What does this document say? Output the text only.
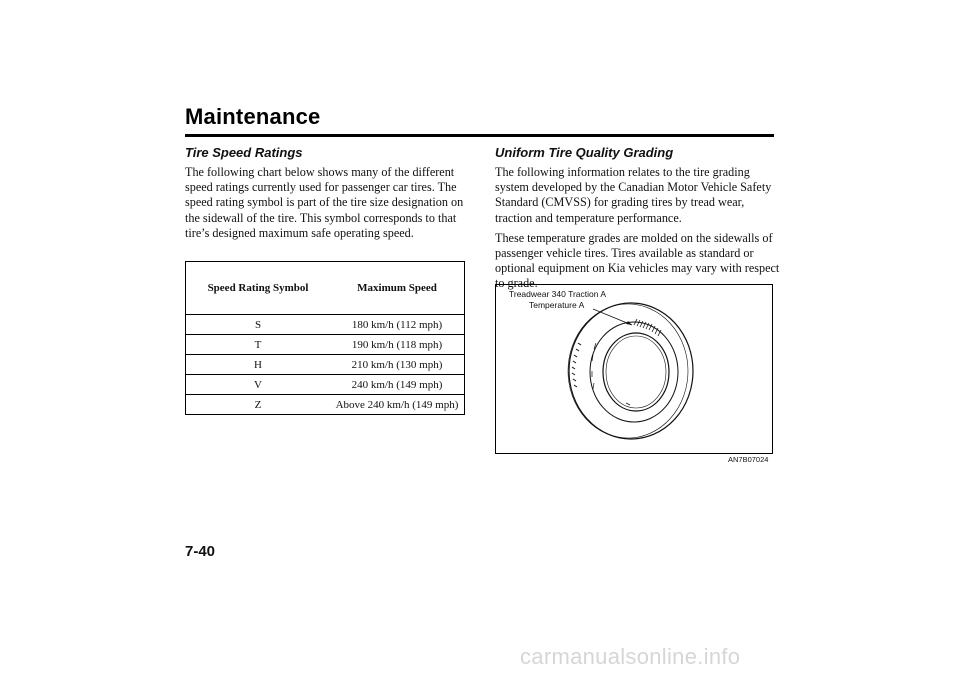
Maintenance
Tire Speed Ratings

The following chart below shows many of the different speed ratings currently used for passenger car tires. The speed rating symbol is part of the tire size designation on the sidewall of the tire. This symbol corresponds to that tire’s designed maximum safe operating speed.

Speed Rating Symbol	Maximum Speed
S	180 km/h (112 mph)
T	190 km/h (118 mph)
H	210 km/h (130 mph)
V	240 km/h (149 mph)
Z	Above 240 km/h (149 mph)
Uniform Tire Quality Grading

The following information relates to the tire grading system developed by the Canadian Motor Vehicle Safety Standard (CMVSS) for grading tires by tread wear, traction and temperature performance.

These temperature grades are molded on the sidewalls of passenger vehicle tires. Tires available as standard or optional equipment on Kia vehicles may vary with respect to grade.

Treadwear 340 Traction A
Temperature A
AN7B07024
7-40
carmanualsonline.info
